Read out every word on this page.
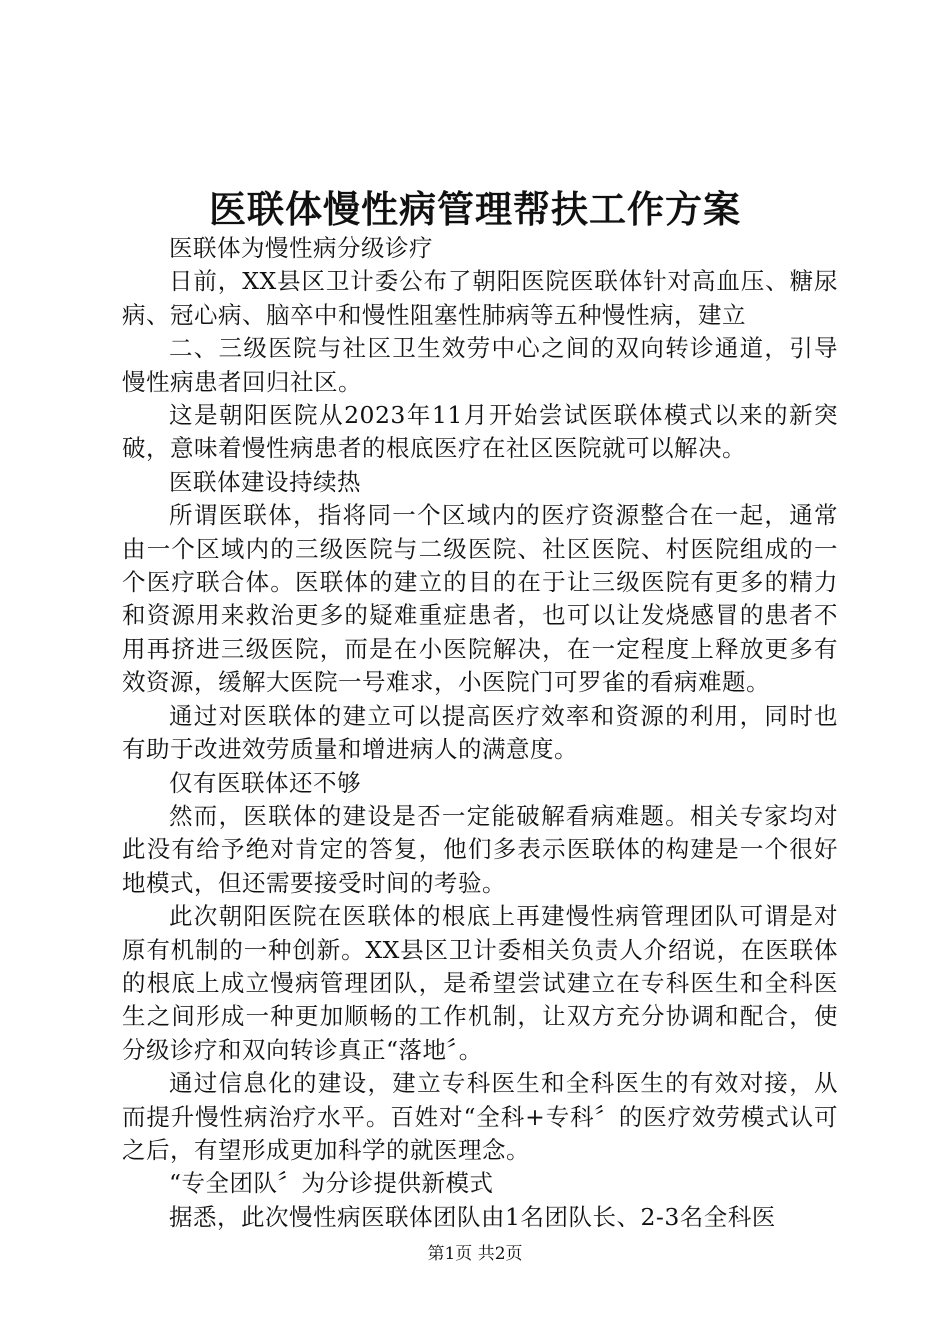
医联体慢性病管理帮扶工作方案

医联体为慢性病分级诊疗

日前，XX县区卫计委公布了朝阳医院医联体针对高血压、糖尿病、冠心病、脑卒中和慢性阻塞性肺病等五种慢性病，建立

二、三级医院与社区卫生效劳中心之间的双向转诊通道，引导慢性病患者回归社区。

这是朝阳医院从2023年11月开始尝试医联体模式以来的新突破，意味着慢性病患者的根底医疗在社区医院就可以解决。

医联体建设持续热

所谓医联体，指将同一个区域内的医疗资源整合在一起，通常由一个区域内的三级医院与二级医院、社区医院、村医院组成的一个医疗联合体。医联体的建立的目的在于让三级医院有更多的精力和资源用来救治更多的疑难重症患者，也可以让发烧感冒的患者不用再挤进三级医院，而是在小医院解决，在一定程度上释放更多有效资源，缓解大医院一号难求，小医院门可罗雀的看病难题。

通过对医联体的建立可以提高医疗效率和资源的利用，同时也有助于改进效劳质量和增进病人的满意度。

仅有医联体还不够

然而，医联体的建设是否一定能破解看病难题。相关专家均对此没有给予绝对肯定的答复，他们多表示医联体的构建是一个很好地模式，但还需要接受时间的考验。

此次朝阳医院在医联体的根底上再建慢性病管理团队可谓是对原有机制的一种创新。XX县区卫计委相关负责人介绍说，在医联体的根底上成立慢病管理团队，是希望尝试建立在专科医生和全科医生之间形成一种更加顺畅的工作机制，让双方充分协调和配合，使分级诊疗和双向转诊真正“落地〞。

通过信息化的建设，建立专科医生和全科医生的有效对接，从而提升慢性病治疗水平。百姓对“全科+专科〞的医疗效劳模式认可之后，有望形成更加科学的就医理念。

“专全团队〞为分诊提供新模式

据悉，此次慢性病医联体团队由1名团队长、2-3名全科医

第1页 共2页
